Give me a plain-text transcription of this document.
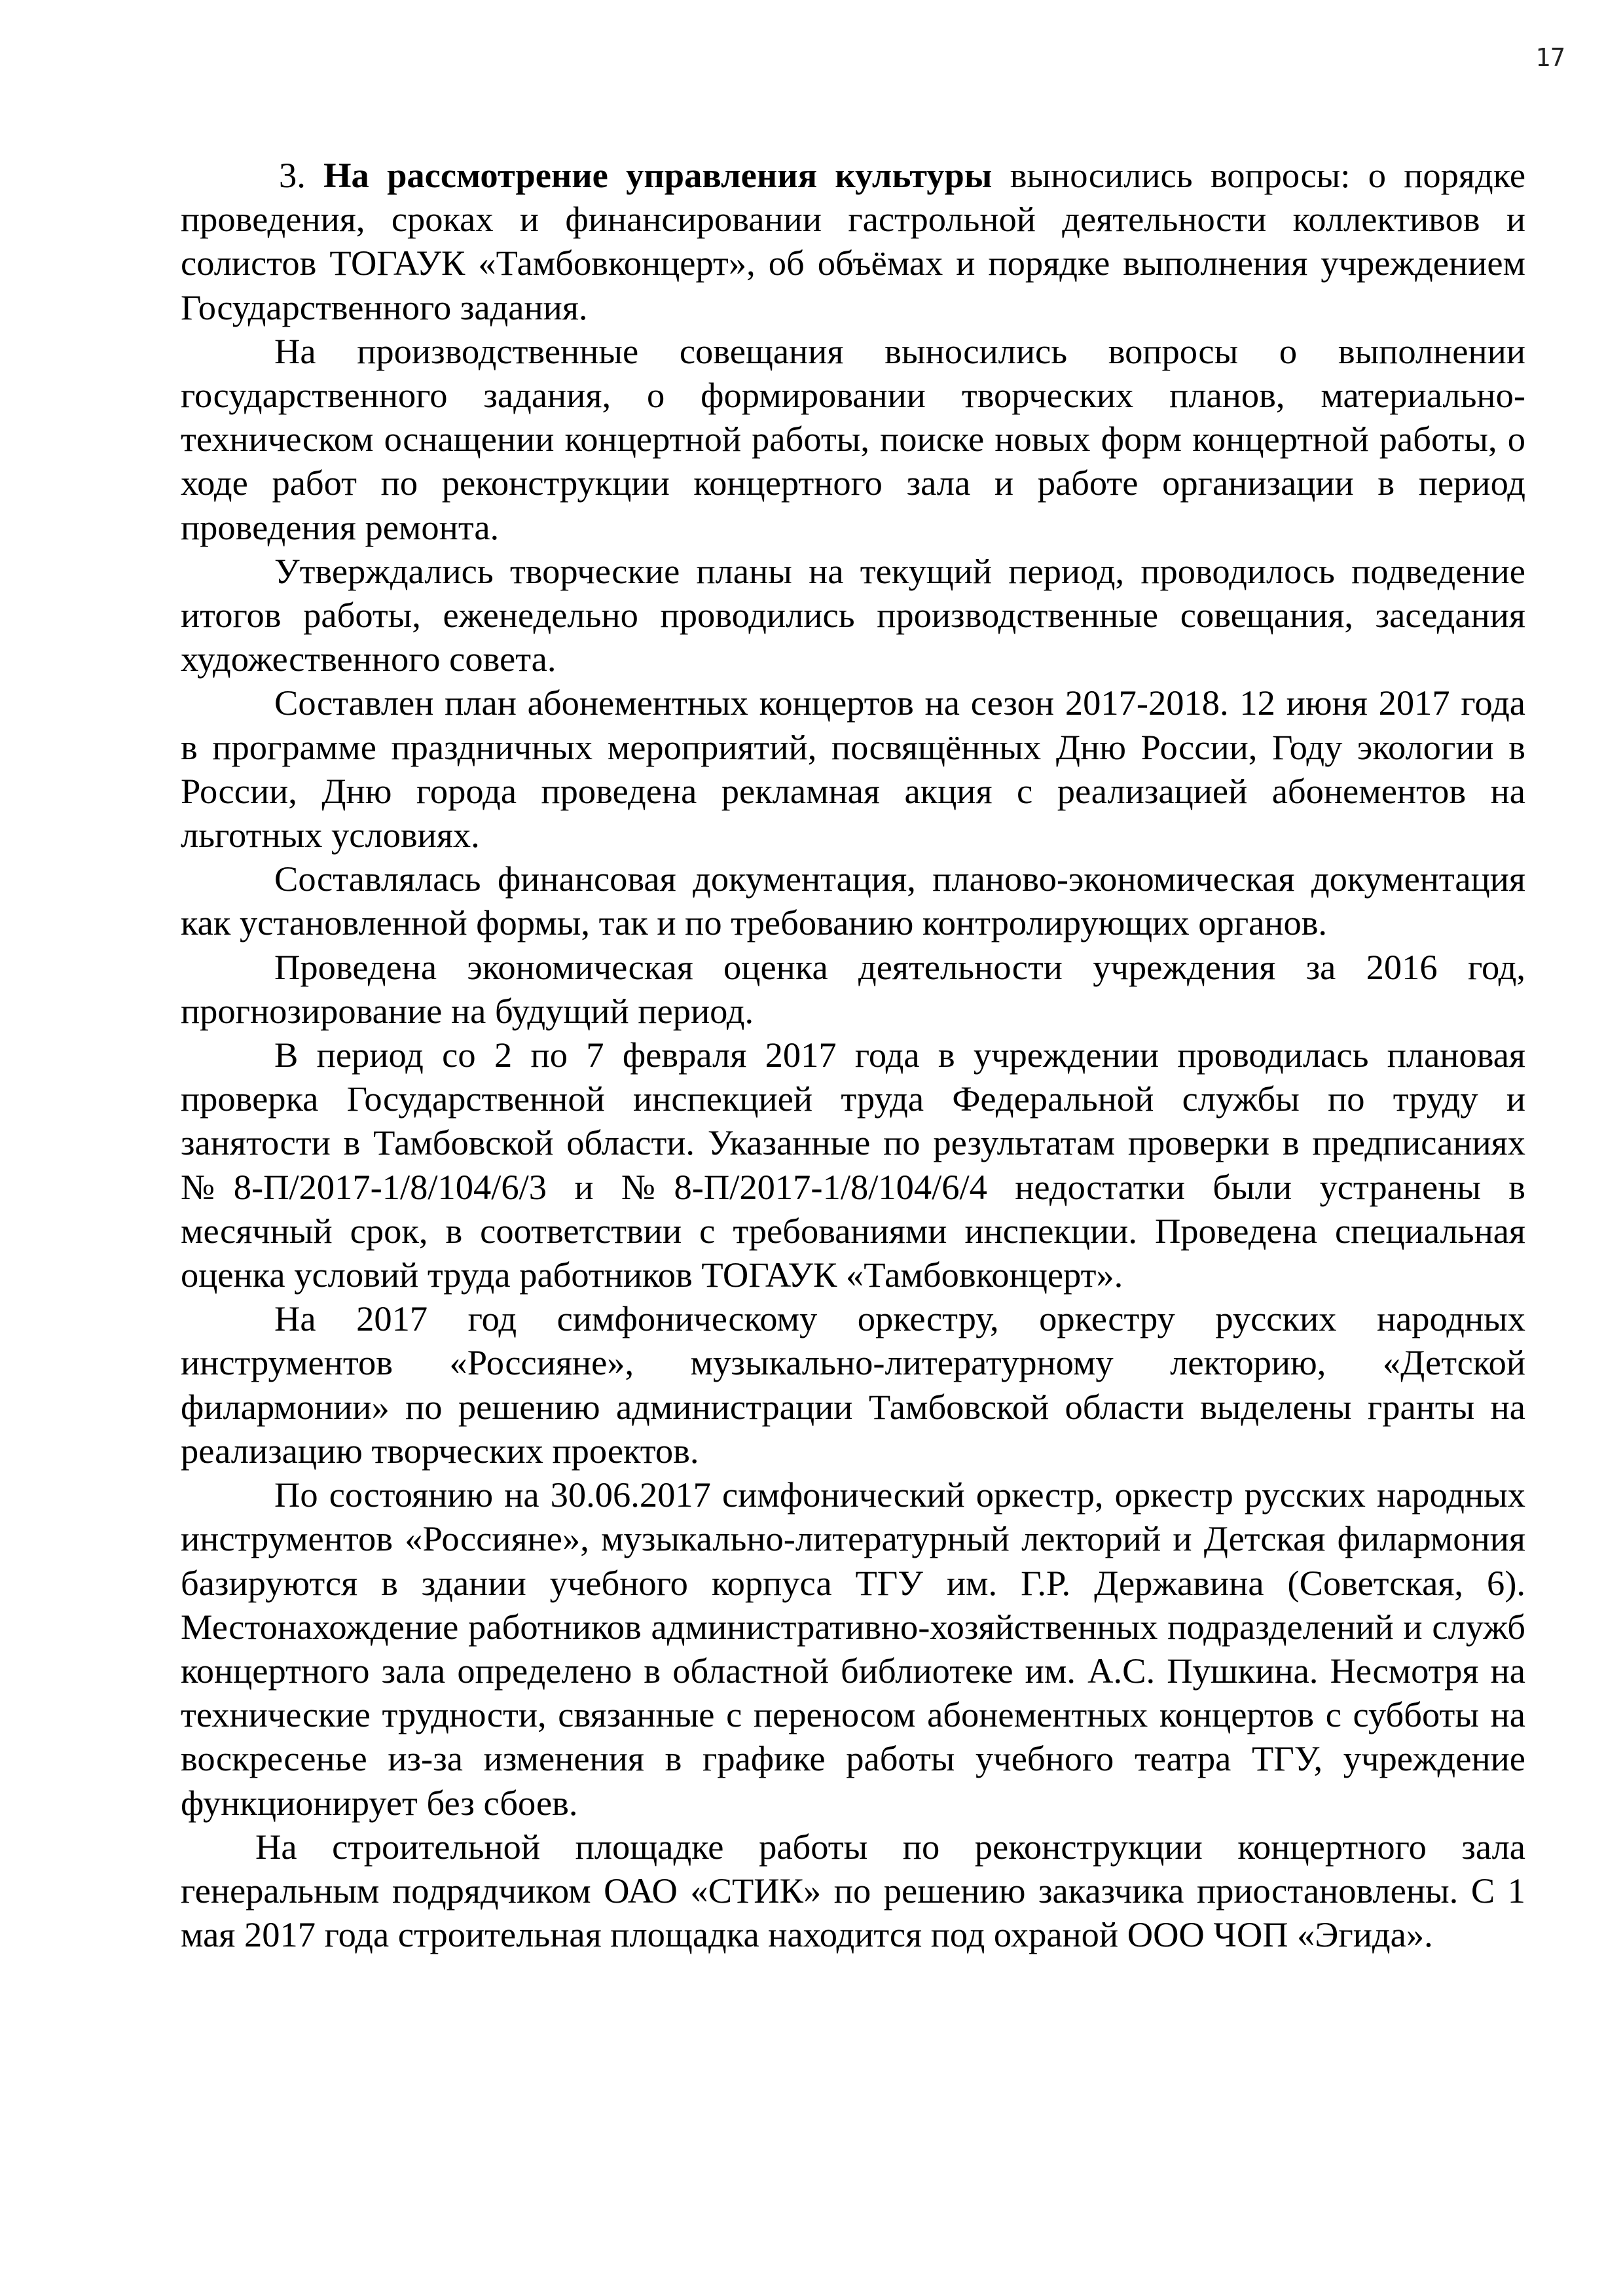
17

3. На рассмотрение управления культуры выносились вопросы: о порядке проведения, сроках и финансировании гастрольной деятельности коллективов и солистов ТОГАУК «Тамбовконцерт», об объёмах и порядке выполнения учреждением Государственного задания.

На производственные совещания выносились вопросы о выполнении государственного задания, о формировании творческих планов, материально-техническом оснащении концертной работы, поиске новых форм концертной работы, о ходе работ по реконструкции концертного зала и работе организации в период проведения ремонта.

Утверждались творческие планы на текущий период, проводилось подведение итогов работы, еженедельно проводились производственные совещания, заседания художественного совета.

Составлен план абонементных концертов на сезон 2017-2018. 12 июня 2017 года в программе праздничных мероприятий, посвящённых Дню России, Году экологии в России, Дню города проведена рекламная акция с реализацией абонементов на льготных условиях.

Составлялась финансовая документация, планово-экономическая документация как установленной формы, так и по требованию контролирующих органов.

Проведена экономическая оценка деятельности учреждения за 2016 год, прогнозирование на будущий период.

В период со 2 по 7 февраля 2017 года в учреждении проводилась плановая проверка Государственной инспекцией труда Федеральной службы по труду и занятости в Тамбовской области. Указанные по результатам проверки в предписаниях №8-П/2017-1/8/104/6/3 и №8-П/2017-1/8/104/6/4 недостатки были устранены в месячный срок, в соответствии с требованиями инспекции. Проведена специальная оценка условий труда работников ТОГАУК «Тамбовконцерт».

На 2017 год симфоническому оркестру, оркестру русских народных инструментов «Россияне», музыкально-литературному лекторию, «Детской филармонии» по решению администрации Тамбовской области выделены гранты на реализацию творческих проектов.

По состоянию на 30.06.2017 симфонический оркестр, оркестр русских народных инструментов «Россияне», музыкально-литературный лекторий и Детская филармония базируются в здании учебного корпуса ТГУ им. Г.Р. Державина (Советская, 6). Местонахождение работников административно-хозяйственных подразделений и служб концертного зала определено в областной библиотеке им. А.С. Пушкина. Несмотря на технические трудности, связанные с переносом абонементных концертов с субботы на воскресенье из-за изменения в графике работы учебного театра ТГУ, учреждение функционирует без сбоев.

На строительной площадке работы по реконструкции концертного зала генеральным подрядчиком ОАО «СТИК» по решению заказчика приостановлены. С 1 мая 2017 года строительная площадка находится под охраной ООО ЧОП «Эгида».
